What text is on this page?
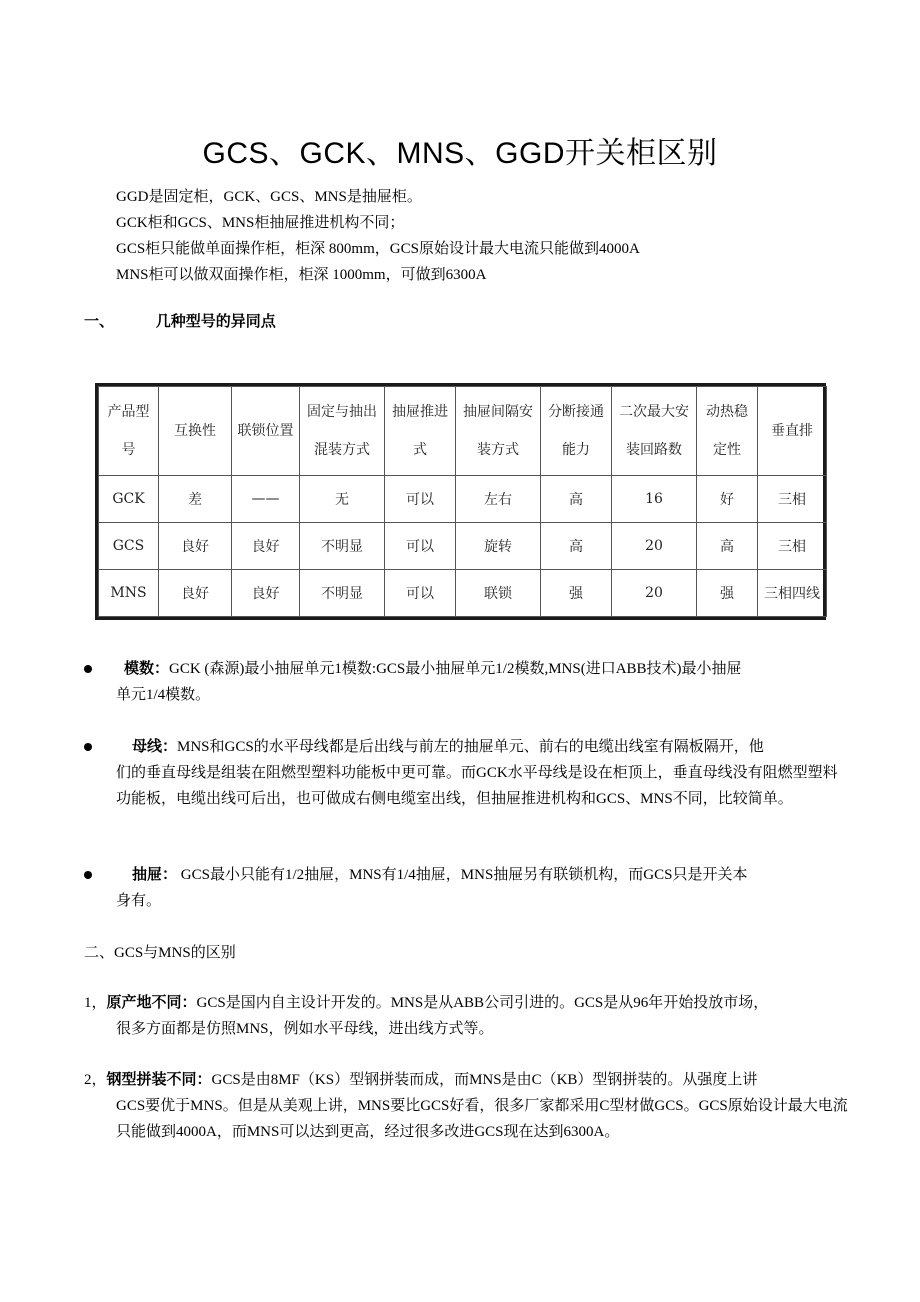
GCS、GCK、MNS、GGD开关柜区别

GGD是固定柜，GCK、GCS、MNS是抽屉柜。

GCK柜和GCS、MNS柜抽屉推进机构不同；

GCS柜只能做单面操作柜，柜深 800mm，GCS原始设计最大电流只能做到4000A

MNS柜可以做双面操作柜，柜深 1000mm，可做到6300A

一、	几种型号的异同点
产品型号	互换性	联锁位置	固定与抽出混装方式	抽屉推进式	抽屉间隔安装方式	分断接通能力	二次最大安装回路数	动热稳定性	垂直排
GCK	差	——	无	可以	左右	高	16	好	三相
GCS	良好	良好	不明显	可以	旋转	高	20	高	三相
MNS	良好	良好	不明显	可以	联锁	强	20	强	三相四线
模数：GCK (森源)最小抽屉单元1模数:GCS最小抽屉单元1/2模数,MNS(进口ABB技术)最小抽屉
单元1/4模数。
母线：MNS和GCS的水平母线都是后出线与前左的抽屉单元、前右的电缆出线室有隔板隔开，他
们的垂直母线是组装在阻燃型塑料功能板中更可靠。而GCK水平母线是设在柜顶上，垂直母线没有阻燃型塑料功能板，电缆出线可后出，也可做成右侧电缆室出线，但抽屉推进机构和GCS、MNS不同，比较简单。
抽屉： GCS最小只能有1/2抽屉，MNS有1/4抽屉，MNS抽屉另有联锁机构，而GCS只是开关本
身有。
二、GCS与MNS的区别
1，原产地不同：GCS是国内自主设计开发的。MNS是从ABB公司引进的。GCS是从96年开始投放市场，
很多方面都是仿照MNS，例如水平母线，进出线方式等。
2，钢型拼装不同：GCS是由8MF（KS）型钢拼装而成，而MNS是由C（KB）型钢拼装的。从强度上讲
GCS要优于MNS。但是从美观上讲，MNS要比GCS好看，很多厂家都采用C型材做GCS。GCS原始设计最大电流只能做到4000A，而MNS可以达到更高，经过很多改进GCS现在达到6300A。
